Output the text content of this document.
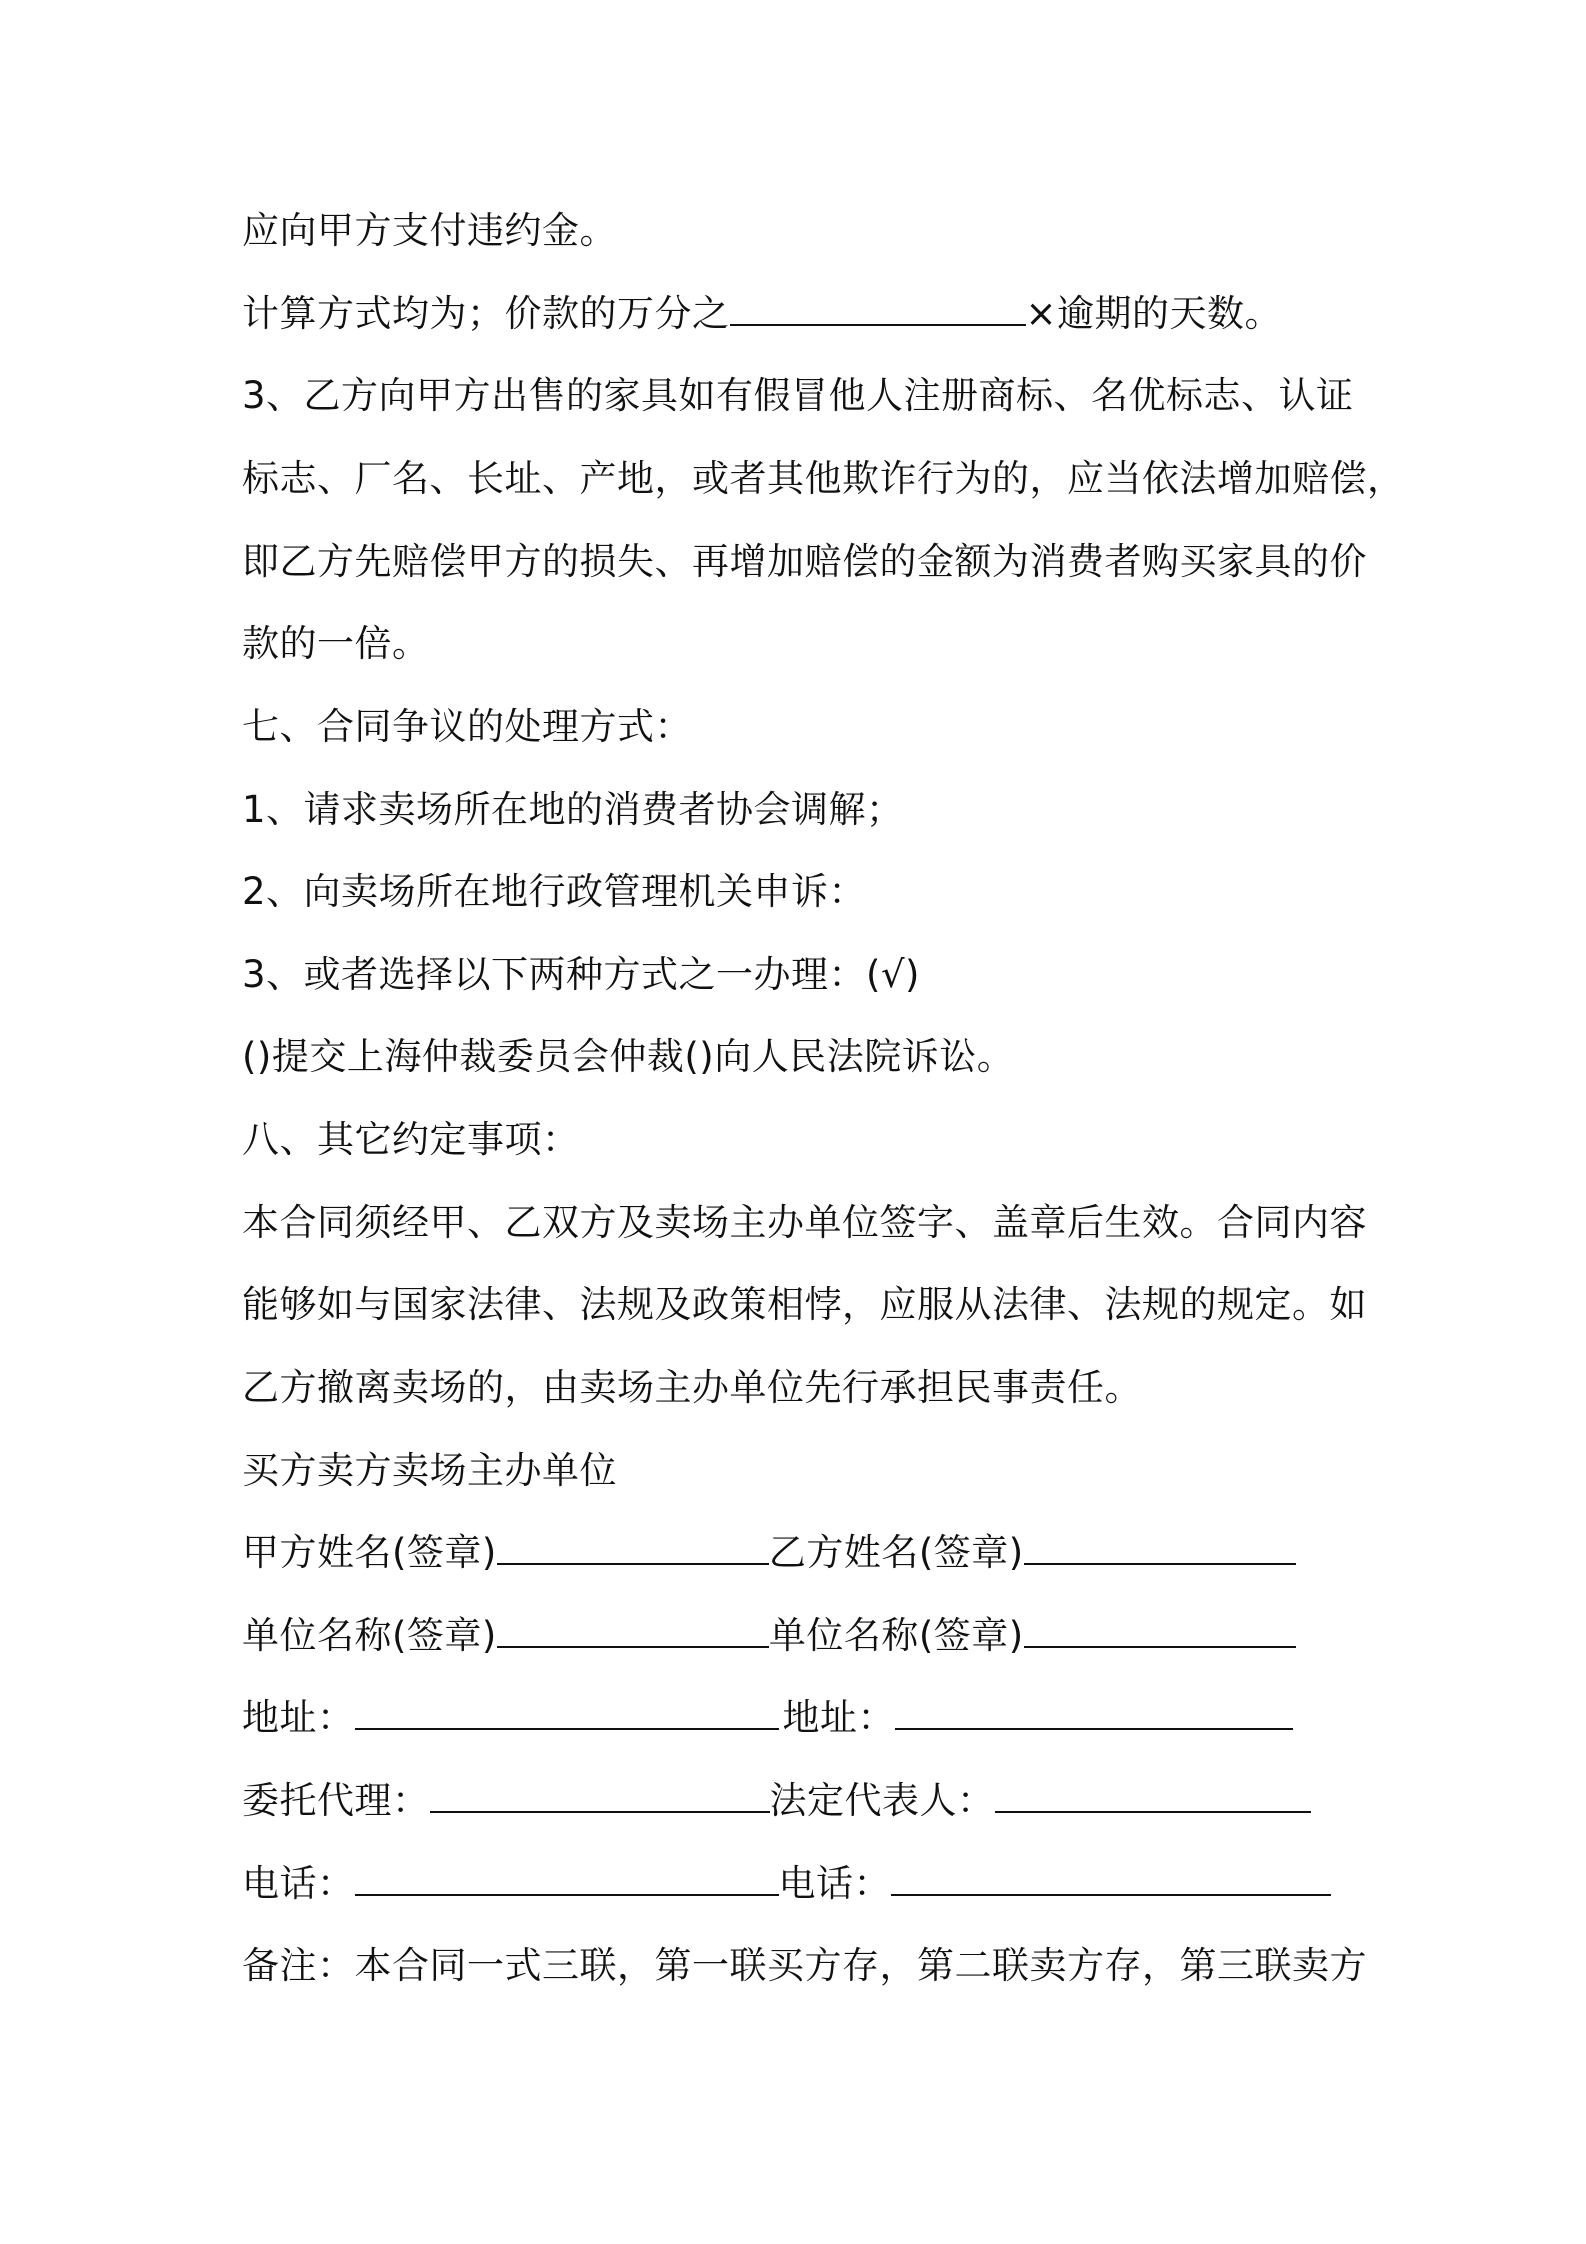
应向甲方支付违约金。
计算方式均为；价款的万分之	×逾期的天数。
3、乙方向甲方出售的家具如有假冒他人注册商标、名优标志、认证
标志、厂名、长址、产地，或者其他欺诈行为的，应当依法增加赔偿，
即乙方先赔偿甲方的损失、再增加赔偿的金额为消费者购买家具的价
款的一倍。
七、合同争议的处理方式：
1、请求卖场所在地的消费者协会调解；
2、向卖场所在地行政管理机关申诉：
3、或者选择以下两种方式之一办理：(√)
()提交上海仲裁委员会仲裁()向人民法院诉讼。
八、其它约定事项：
本合同须经甲、乙双方及卖场主办单位签字、盖章后生效。合同内容
能够如与国家法律、法规及政策相悖，应服从法律、法规的规定。如
乙方撤离卖场的，由卖场主办单位先行承担民事责任。
买方卖方卖场主办单位
甲方姓名(签章)	乙方姓名(签章)
单位名称(签章)	单位名称(签章)
地址：	地址：
委托代理：	法定代表人：
电话：	电话：
备注：本合同一式三联，第一联买方存，第二联卖方存，第三联卖方
